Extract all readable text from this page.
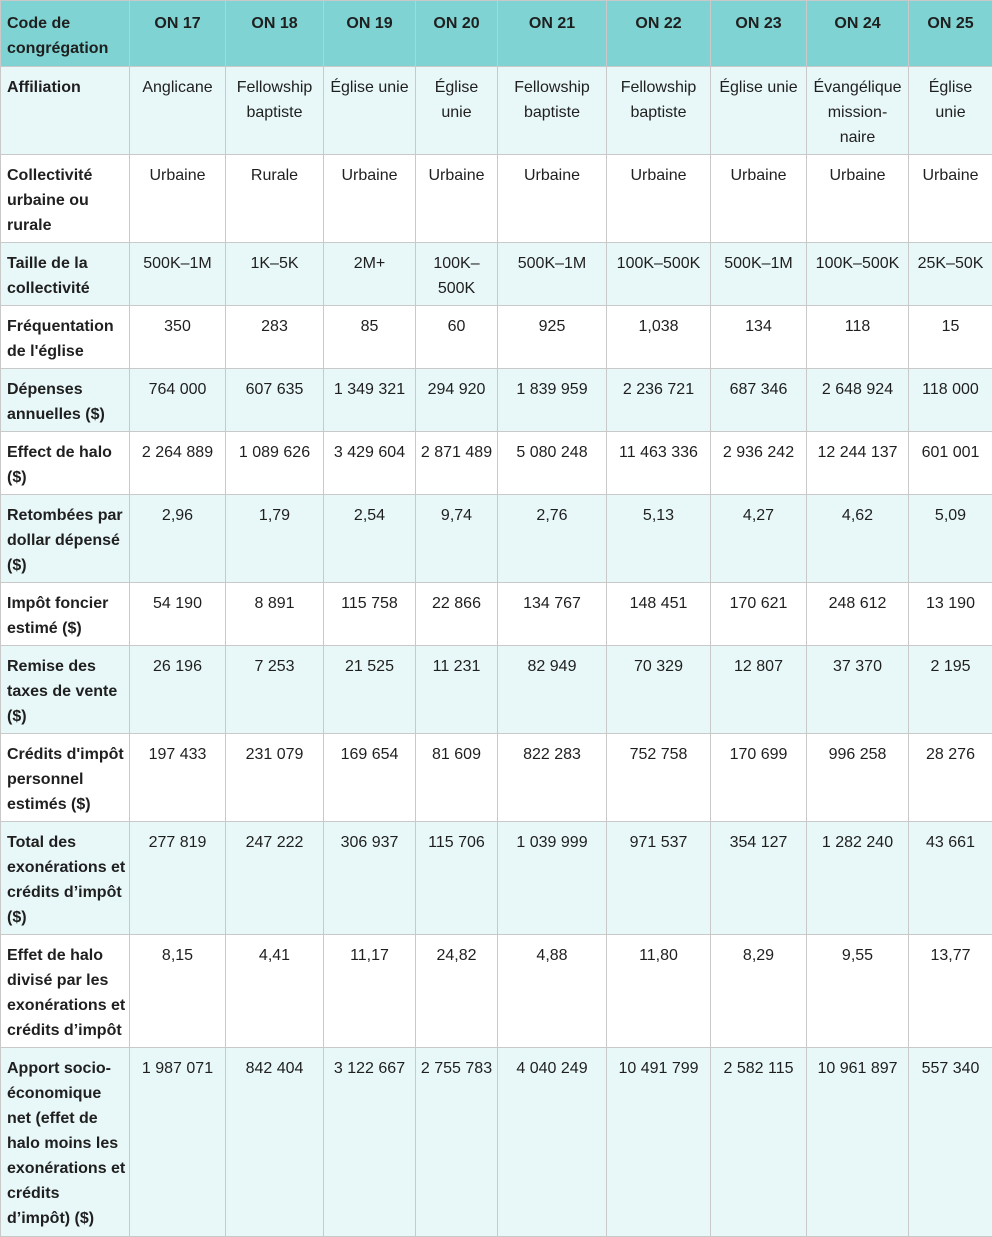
Code de congrégation	ON 17	ON 18	ON 19	ON 20	ON 21	ON 22	ON 23	ON 24	ON 25
Affiliation	Anglicane	Fellowship baptiste	Église unie	Église unie	Fellowship baptiste	Fellowship baptiste	Église unie	Évangélique mission-naire	Église unie
Collectivité urbaine ou rurale	Urbaine	Rurale	Urbaine	Urbaine	Urbaine	Urbaine	Urbaine	Urbaine	Urbaine
Taille de la collectivité	500K–1M	1K–5K	2M+	100K–500K	500K–1M	100K–500K	500K–1M	100K–500K	25K–50K
Fréquentation de l'église	350	283	85	60	925	1,038	134	118	15
Dépenses annuelles ($)	764 000	607 635	1 349 321	294 920	1 839 959	2 236 721	687 346	2 648 924	118 000
Effect de halo ($)	2 264 889	1 089 626	3 429 604	2 871 489	5 080 248	11 463 336	2 936 242	12 244 137	601 001
Retombées par dollar dépensé ($)	2,96	1,79	2,54	9,74	2,76	5,13	4,27	4,62	5,09
Impôt foncier estimé ($)	54 190	8 891	115 758	22 866	134 767	148 451	170 621	248 612	13 190
Remise des taxes de vente ($)	26 196	7 253	21 525	11 231	82 949	70 329	12 807	37 370	2 195
Crédits d'impôt personnel estimés ($)	197 433	231 079	169 654	81 609	822 283	752 758	170 699	996 258	28 276
Total des exonérations et crédits d’impôt ($)	277 819	247 222	306 937	115 706	1 039 999	971 537	354 127	1 282 240	43 661
Effet de halo divisé par les exonérations et crédits d’impôt	8,15	4,41	11,17	24,82	4,88	11,80	8,29	9,55	13,77
Apport socio-économique net (effet de halo moins les exonérations et crédits d’impôt) ($)	1 987 071	842 404	3 122 667	2 755 783	4 040 249	10 491 799	2 582 115	10 961 897	557 340
